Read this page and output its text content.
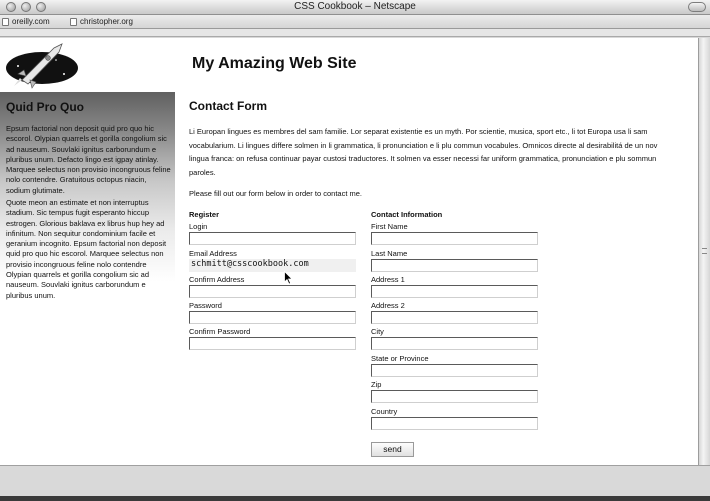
CSS Cookbook – Netscape
oreilly.com	christopher.org
My Amazing Web Site
Quid Pro Quo

Epsum factorial non deposit quid pro quo hic escorol. Olypian quarrels et gorilla congolium sic ad nauseum. Souvlaki ignitus carborundum e pluribus unum. Defacto lingo est igpay atinlay. Marquee selectus non provisio incongruous feline nolo contendre. Gratuitous octopus niacin, sodium glutimate.

Quote meon an estimate et non interruptus stadium. Sic tempus fugit esperanto hiccup estrogen. Glorious baklava ex librus hup hey ad infinitum. Non sequitur condominium facile et geranium incognito. Epsum factorial non deposit quid pro quo hic escorol. Marquee selectus non provisio incongruous feline nolo contendre Olypian quarrels et gorilla congolium sic ad nauseum. Souvlaki ignitus carborundum e pluribus unum.

Contact Form

Li Europan lingues es membres del sam familie. Lor separat existentie es un myth. Por scientie, musica, sport etc., li tot Europa usa li sam vocabularium. Li lingues differe solmen in li grammatica, li pronunciation e li plu commun vocabules. Omnicos directe al desirabilitá de un nov lingua franca: on refusa continuar payar custosi traductores. It solmen va esser necessi far uniform grammatica, pronunciation e plu sommun paroles.

Please fill out our form below in order to contact me.

Register
Login
Email Address
schmitt@csscookbook.com
Confirm Address
Password
Confirm Password
Contact Information
First Name
Last Name
Address 1
Address 2
City
State or Province
Zip
Country
send
